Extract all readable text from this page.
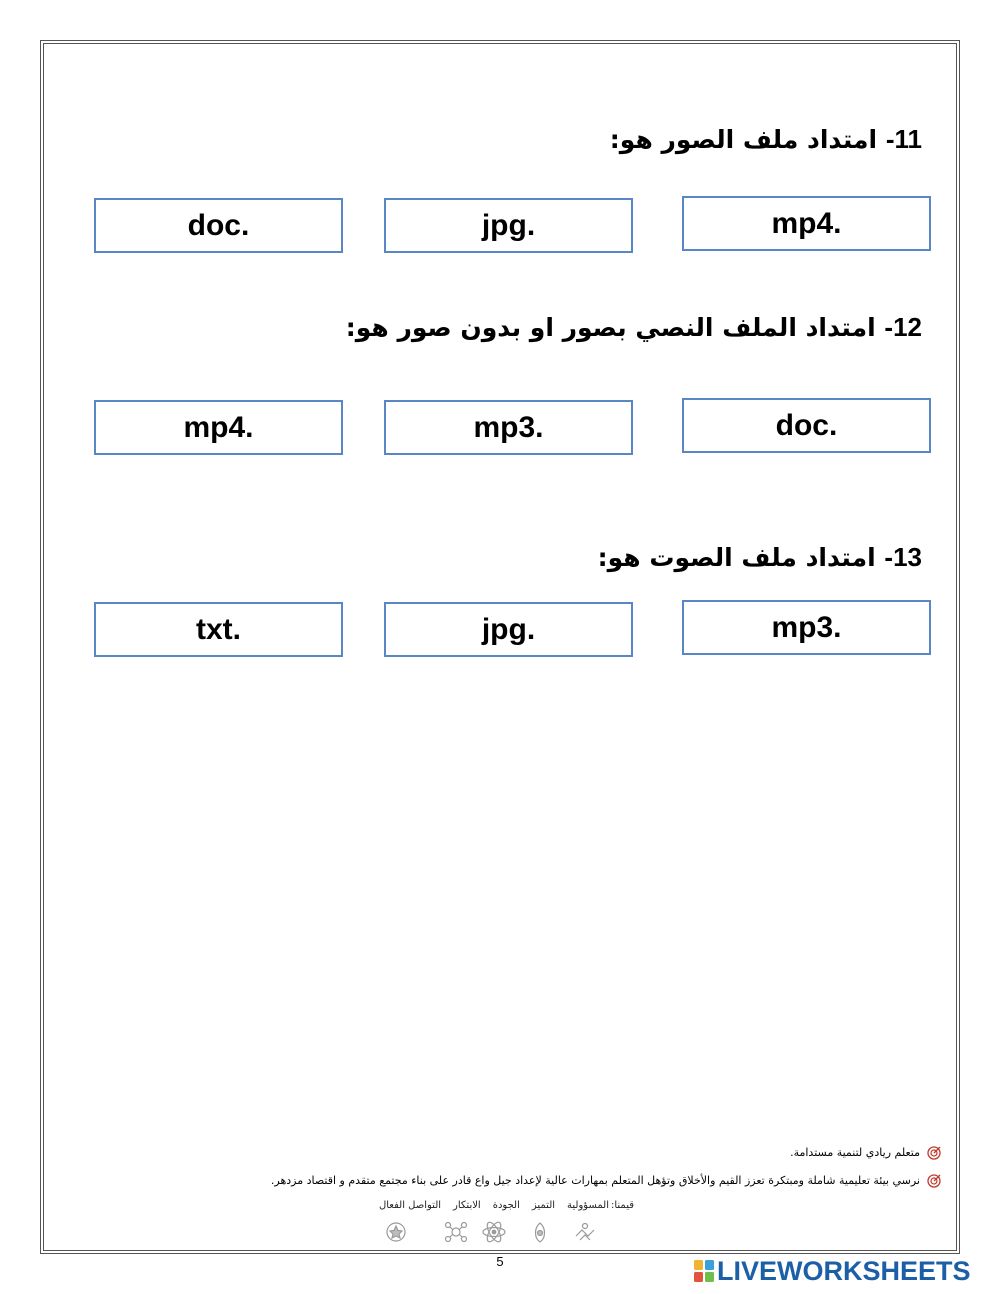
11- امتداد ملف الصور هو:
.mp4
.jpg
.doc
12- امتداد الملف النصي بصور او بدون صور هو:
.doc
.mp3
.mp4
13- امتداد ملف الصوت هو:
.mp3
.jpg
.txt
متعلم ريادي لتنمية مستدامة.
نرسي بيئة تعليمية شاملة ومبتكرة تعزز القيم والأخلاق وتؤهل المتعلم بمهارات عالية لإعداد جيل واع قادر على بناء مجتمع متقدم و اقتصاد مزدهر.
قيمنا:
المسؤولية
التميز
الجودة
الابتكار
التواصل الفعال
5	LIVEWORKSHEETS
